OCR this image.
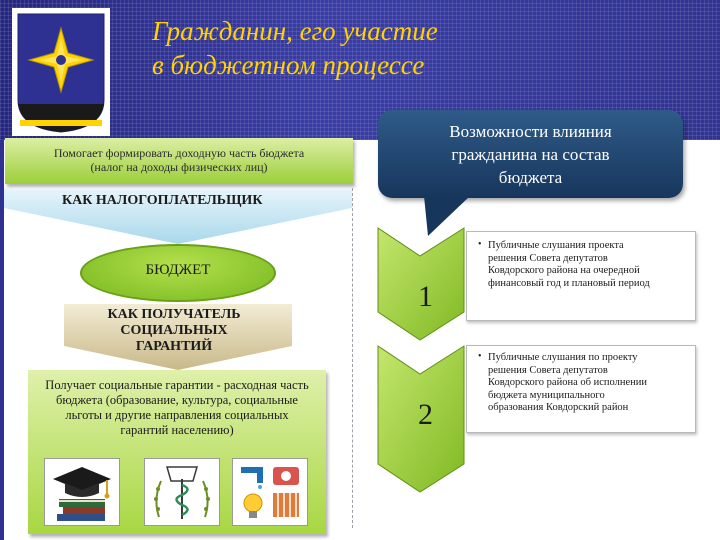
Гражданин, его участие
в бюджетном процессе
Возможности влияния
гражданина на состав
бюджета
Помогает формировать доходную часть бюджета
(налог на доходы физических лиц)
КАК НАЛОГОПЛАТЕЛЬЩИК
БЮДЖЕТ
КАК ПОЛУЧАТЕЛЬ
СОЦИАЛЬНЫХ
ГАРАНТИЙ
Получает социальные гарантии - расходная часть
бюджета (образование, культура, социальные
льготы и другие направления социальных
гарантий населению)
1
2
• Публичные слушания проекта
решения Совета депутатов
Ковдорского района на очередной
финансовый год и плановый период
• Публичные слушания по проекту
решения Совета депутатов
Ковдорского района об исполнении
бюджета муниципального
образования Ковдорский район
